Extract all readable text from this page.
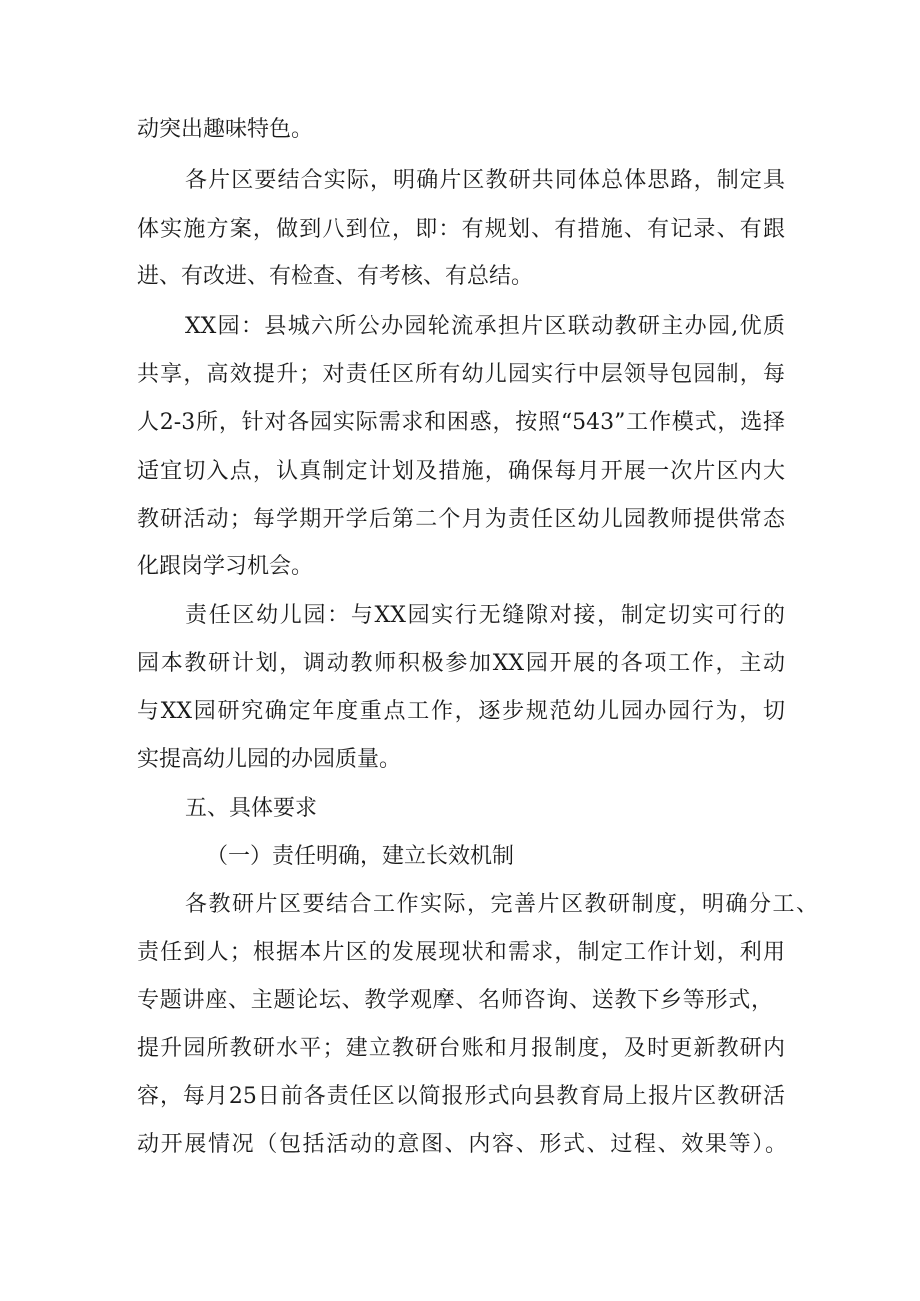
动突出趣味特色。

各片区要结合实际，明确片区教研共同体总体思路，制定具

体实施方案，做到八到位，即：有规划、有措施、有记录、有跟

进、有改进、有检查、有考核、有总结。

XX园：县城六所公办园轮流承担片区联动教研主办园,优质

共享，高效提升；对责任区所有幼儿园实行中层领导包园制，每

人2-3所，针对各园实际需求和困惑，按照“543”工作模式，选择

适宜切入点，认真制定计划及措施，确保每月开展一次片区内大

教研活动；每学期开学后第二个月为责任区幼儿园教师提供常态

化跟岗学习机会。

责任区幼儿园：与XX园实行无缝隙对接，制定切实可行的

园本教研计划，调动教师积极参加XX园开展的各项工作，主动

与XX园研究确定年度重点工作，逐步规范幼儿园办园行为，切

实提高幼儿园的办园质量。

五、具体要求

（一）责任明确，建立长效机制

各教研片区要结合工作实际，完善片区教研制度，明确分工、

责任到人；根据本片区的发展现状和需求，制定工作计划，利用

专题讲座、主题论坛、教学观摩、名师咨询、送教下乡等形式，

提升园所教研水平；建立教研台账和月报制度，及时更新教研内

容，每月25日前各责任区以简报形式向县教育局上报片区教研活

动开展情况（包括活动的意图、内容、形式、过程、效果等）。
